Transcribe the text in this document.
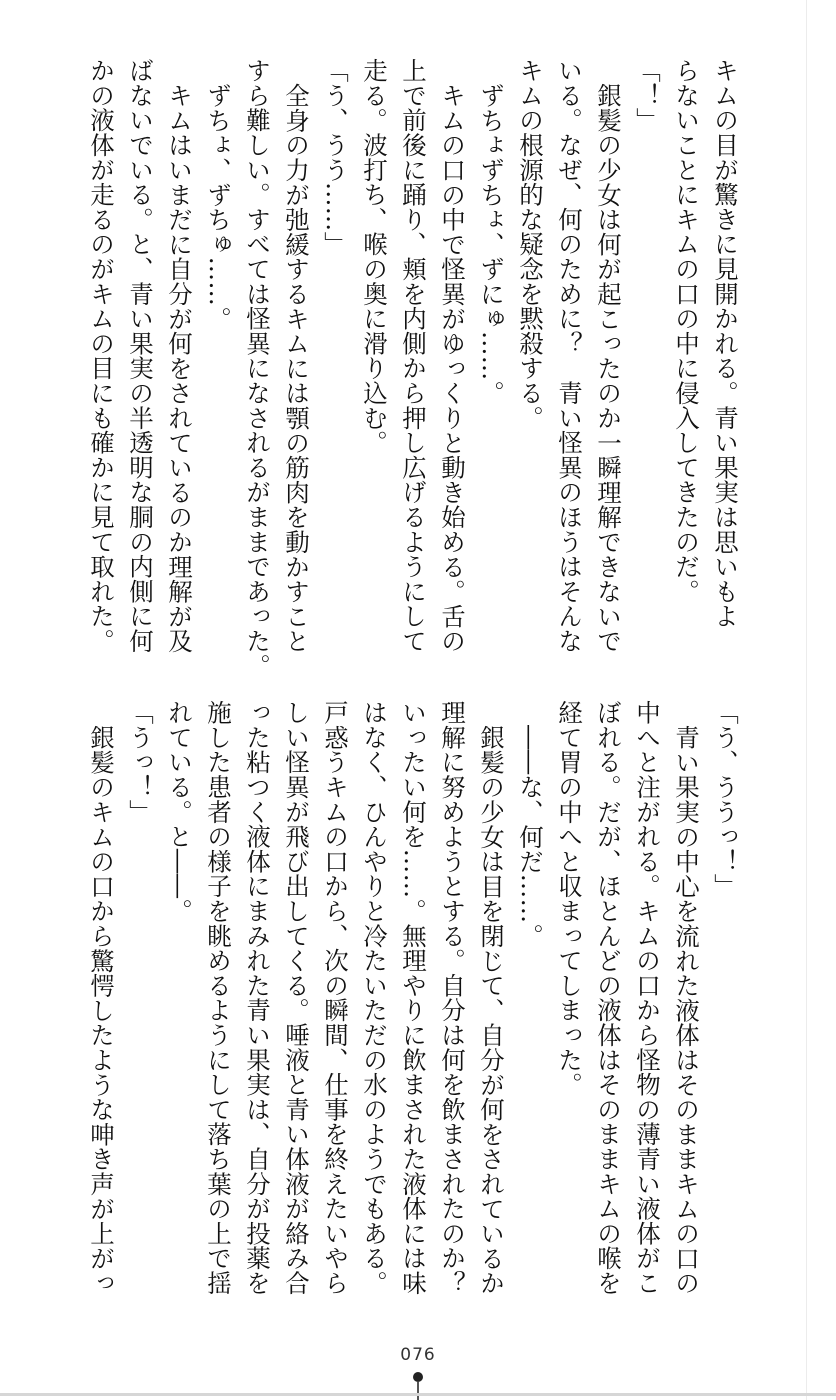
キムの目が驚きに見開かれる。青い果実は思いもよ
らないことにキムの口の中に侵入してきたのだ。
「！」
銀髪の少女は何が起こったのか一瞬理解できないで
いる。なぜ、何のために？　青い怪異のほうはそんな
キムの根源的な疑念を黙殺する。
ずちょずちょ、ずにゅ……。
キムの口の中で怪異がゆっくりと動き始める。舌の
上で前後に踊り、頬を内側から押し広げるようにして
走る。波打ち、喉の奥に滑り込む。
「う、うう……」
全身の力が弛緩するキムには顎の筋肉を動かすこと
すら難しい。すべては怪異になされるがままであった。
ずちょ、ずちゅ……。
キムはいまだに自分が何をされているのか理解が及
ばないでいる。と、青い果実の半透明な胴の内側に何
かの液体が走るのがキムの目にも確かに見て取れた。
「う、ううっ！」
青い果実の中心を流れた液体はそのままキムの口の
中へと注がれる。キムの口から怪物の薄青い液体がこ
ぼれる。だが、ほとんどの液体はそのままキムの喉を
経て胃の中へと収まってしまった。
――な、何だ……。
銀髪の少女は目を閉じて、自分が何をされているか
理解に努めようとする。自分は何を飲まされたのか？
いったい何を……。無理やりに飲まされた液体には味
はなく、ひんやりと冷たいただの水のようでもある。
戸惑うキムの口から、次の瞬間、仕事を終えたいやら
しい怪異が飛び出してくる。唾液と青い体液が絡み合
った粘つく液体にまみれた青い果実は、自分が投薬を
施した患者の様子を眺めるようにして落ち葉の上で揺
れている。と――。
「うっ！」
銀髪のキムの口から驚愕したような呻き声が上がっ
076
